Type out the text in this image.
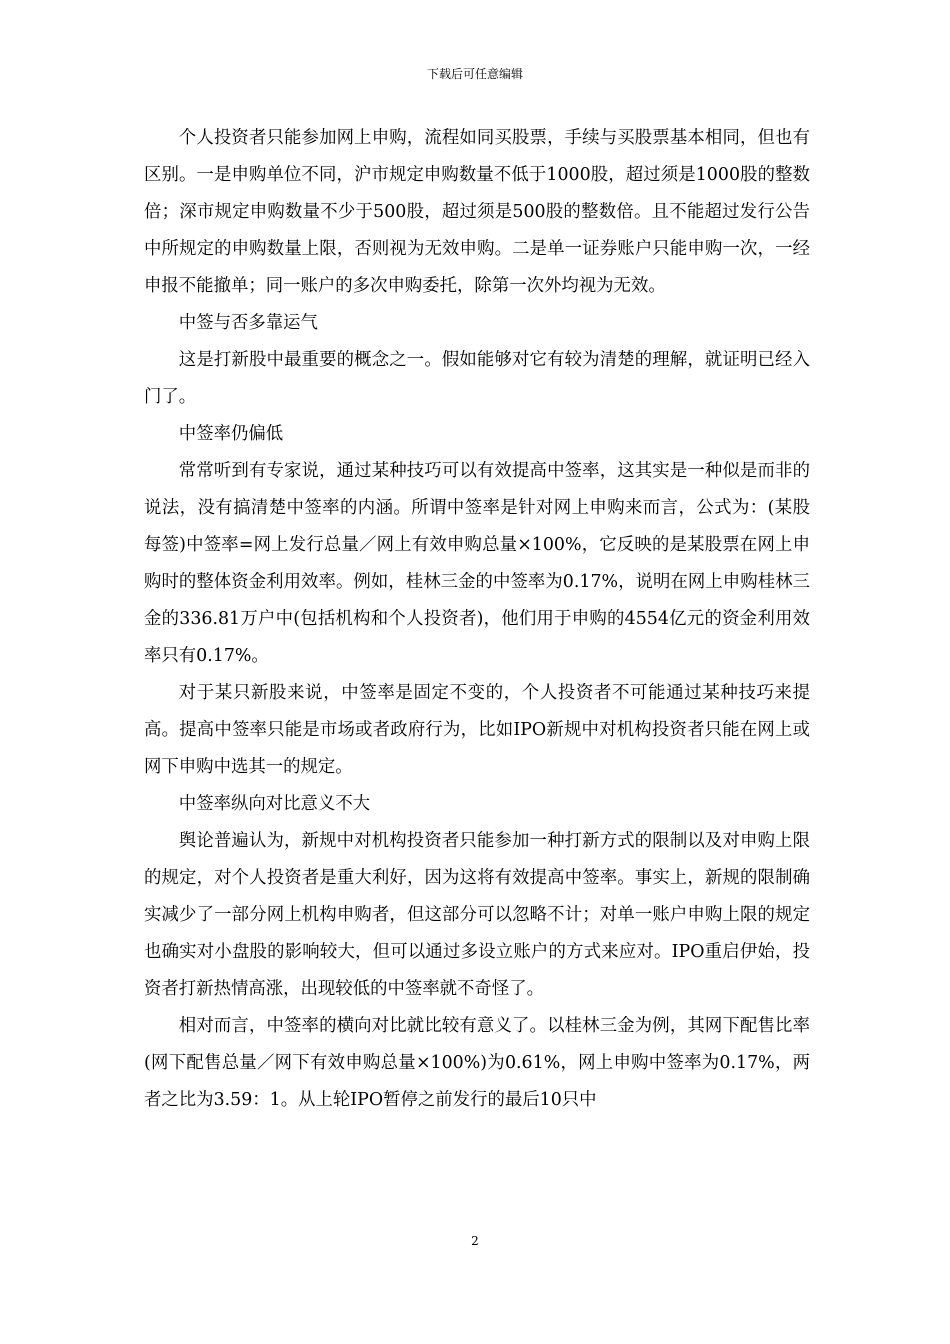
下载后可任意编辑

个人投资者只能参加网上申购，流程如同买股票，手续与买股票基本相同，但也有区别。一是申购单位不同，沪市规定申购数量不低于1000股，超过须是1000股的整数倍；深市规定申购数量不少于500股，超过须是500股的整数倍。且不能超过发行公告中所规定的申购数量上限，否则视为无效申购。二是单一证券账户只能申购一次，一经申报不能撤单；同一账户的多次申购委托，除第一次外均视为无效。

中签与否多靠运气

这是打新股中最重要的概念之一。假如能够对它有较为清楚的理解，就证明已经入门了。

中签率仍偏低

常常听到有专家说，通过某种技巧可以有效提高中签率，这其实是一种似是而非的说法，没有搞清楚中签率的内涵。所谓中签率是针对网上申购来而言，公式为：(某股每签)中签率=网上发行总量／网上有效申购总量×100%，它反映的是某股票在网上申购时的整体资金利用效率。例如，桂林三金的中签率为0.17%，说明在网上申购桂林三金的336.81万户中(包括机构和个人投资者)，他们用于申购的4554亿元的资金利用效率只有0.17%。

对于某只新股来说，中签率是固定不变的，个人投资者不可能通过某种技巧来提高。提高中签率只能是市场或者政府行为，比如IPO新规中对机构投资者只能在网上或网下申购中选其一的规定。

中签率纵向对比意义不大

舆论普遍认为，新规中对机构投资者只能参加一种打新方式的限制以及对申购上限的规定，对个人投资者是重大利好，因为这将有效提高中签率。事实上，新规的限制确实减少了一部分网上机构申购者，但这部分可以忽略不计；对单一账户申购上限的规定也确实对小盘股的影响较大，但可以通过多设立账户的方式来应对。IPO重启伊始，投资者打新热情高涨，出现较低的中签率就不奇怪了。

相对而言，中签率的横向对比就比较有意义了。以桂林三金为例，其网下配售比率(网下配售总量／网下有效申购总量×100%)为0.61%，网上申购中签率为0.17%，两者之比为3.59：1。从上轮IPO暂停之前发行的最后10只中

2
